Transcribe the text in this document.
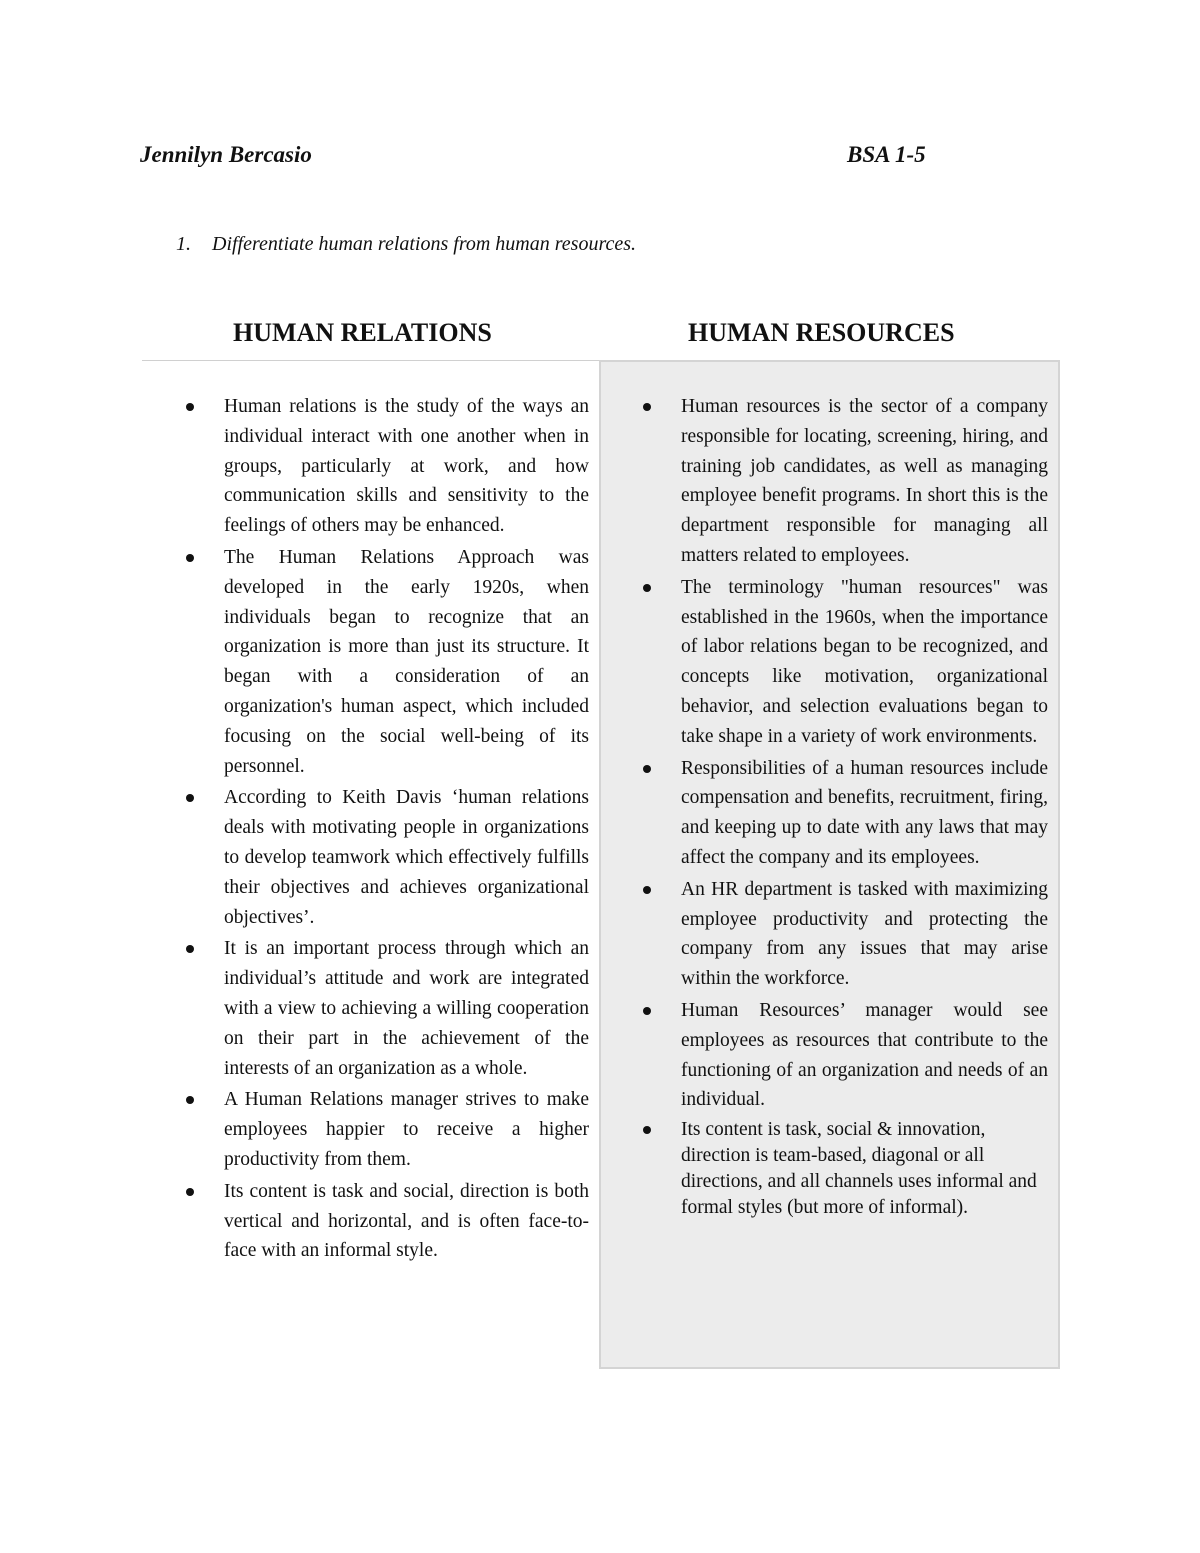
Jennilyn Bercasio	BSA 1-5
1. Differentiate human relations from human resources.
HUMAN RELATIONS	HUMAN RESOURCES
Human relations is the study of the ways an individual interact with one another when in groups, particularly at work, and how communication skills and sensitivity to the feelings of others may be enhanced.
The Human Relations Approach was developed in the early 1920s, when individuals began to recognize that an organization is more than just its structure. It began with a consideration of an organization's human aspect, which included focusing on the social well-being of its personnel.
According to Keith Davis ‘human relations deals with motivating people in organizations to develop teamwork which effectively fulfills their objectives and achieves organizational objectives’.
It is an important process through which an individual’s attitude and work are integrated with a view to achieving a willing cooperation on their part in the achievement of the interests of an organization as a whole.
A Human Relations manager strives to make employees happier to receive a higher productivity from them.
Its content is task and social, direction is both vertical and horizontal, and is often face-to-face with an informal style.
Human resources is the sector of a company responsible for locating, screening, hiring, and training job candidates, as well as managing employee benefit programs. In short this is the department responsible for managing all matters related to employees.
The terminology "human resources" was established in the 1960s, when the importance of labor relations began to be recognized, and concepts like motivation, organizational behavior, and selection evaluations began to take shape in a variety of work environments.
Responsibilities of a human resources include compensation and benefits, recruitment, firing, and keeping up to date with any laws that may affect the company and its employees.
An HR department is tasked with maximizing employee productivity and protecting the company from any issues that may arise within the workforce.
Human Resources’ manager would see employees as resources that contribute to the functioning of an organization and needs of an individual.
Its content is task, social & innovation, direction is team-based, diagonal or all directions, and all channels uses informal and formal styles (but more of informal).
